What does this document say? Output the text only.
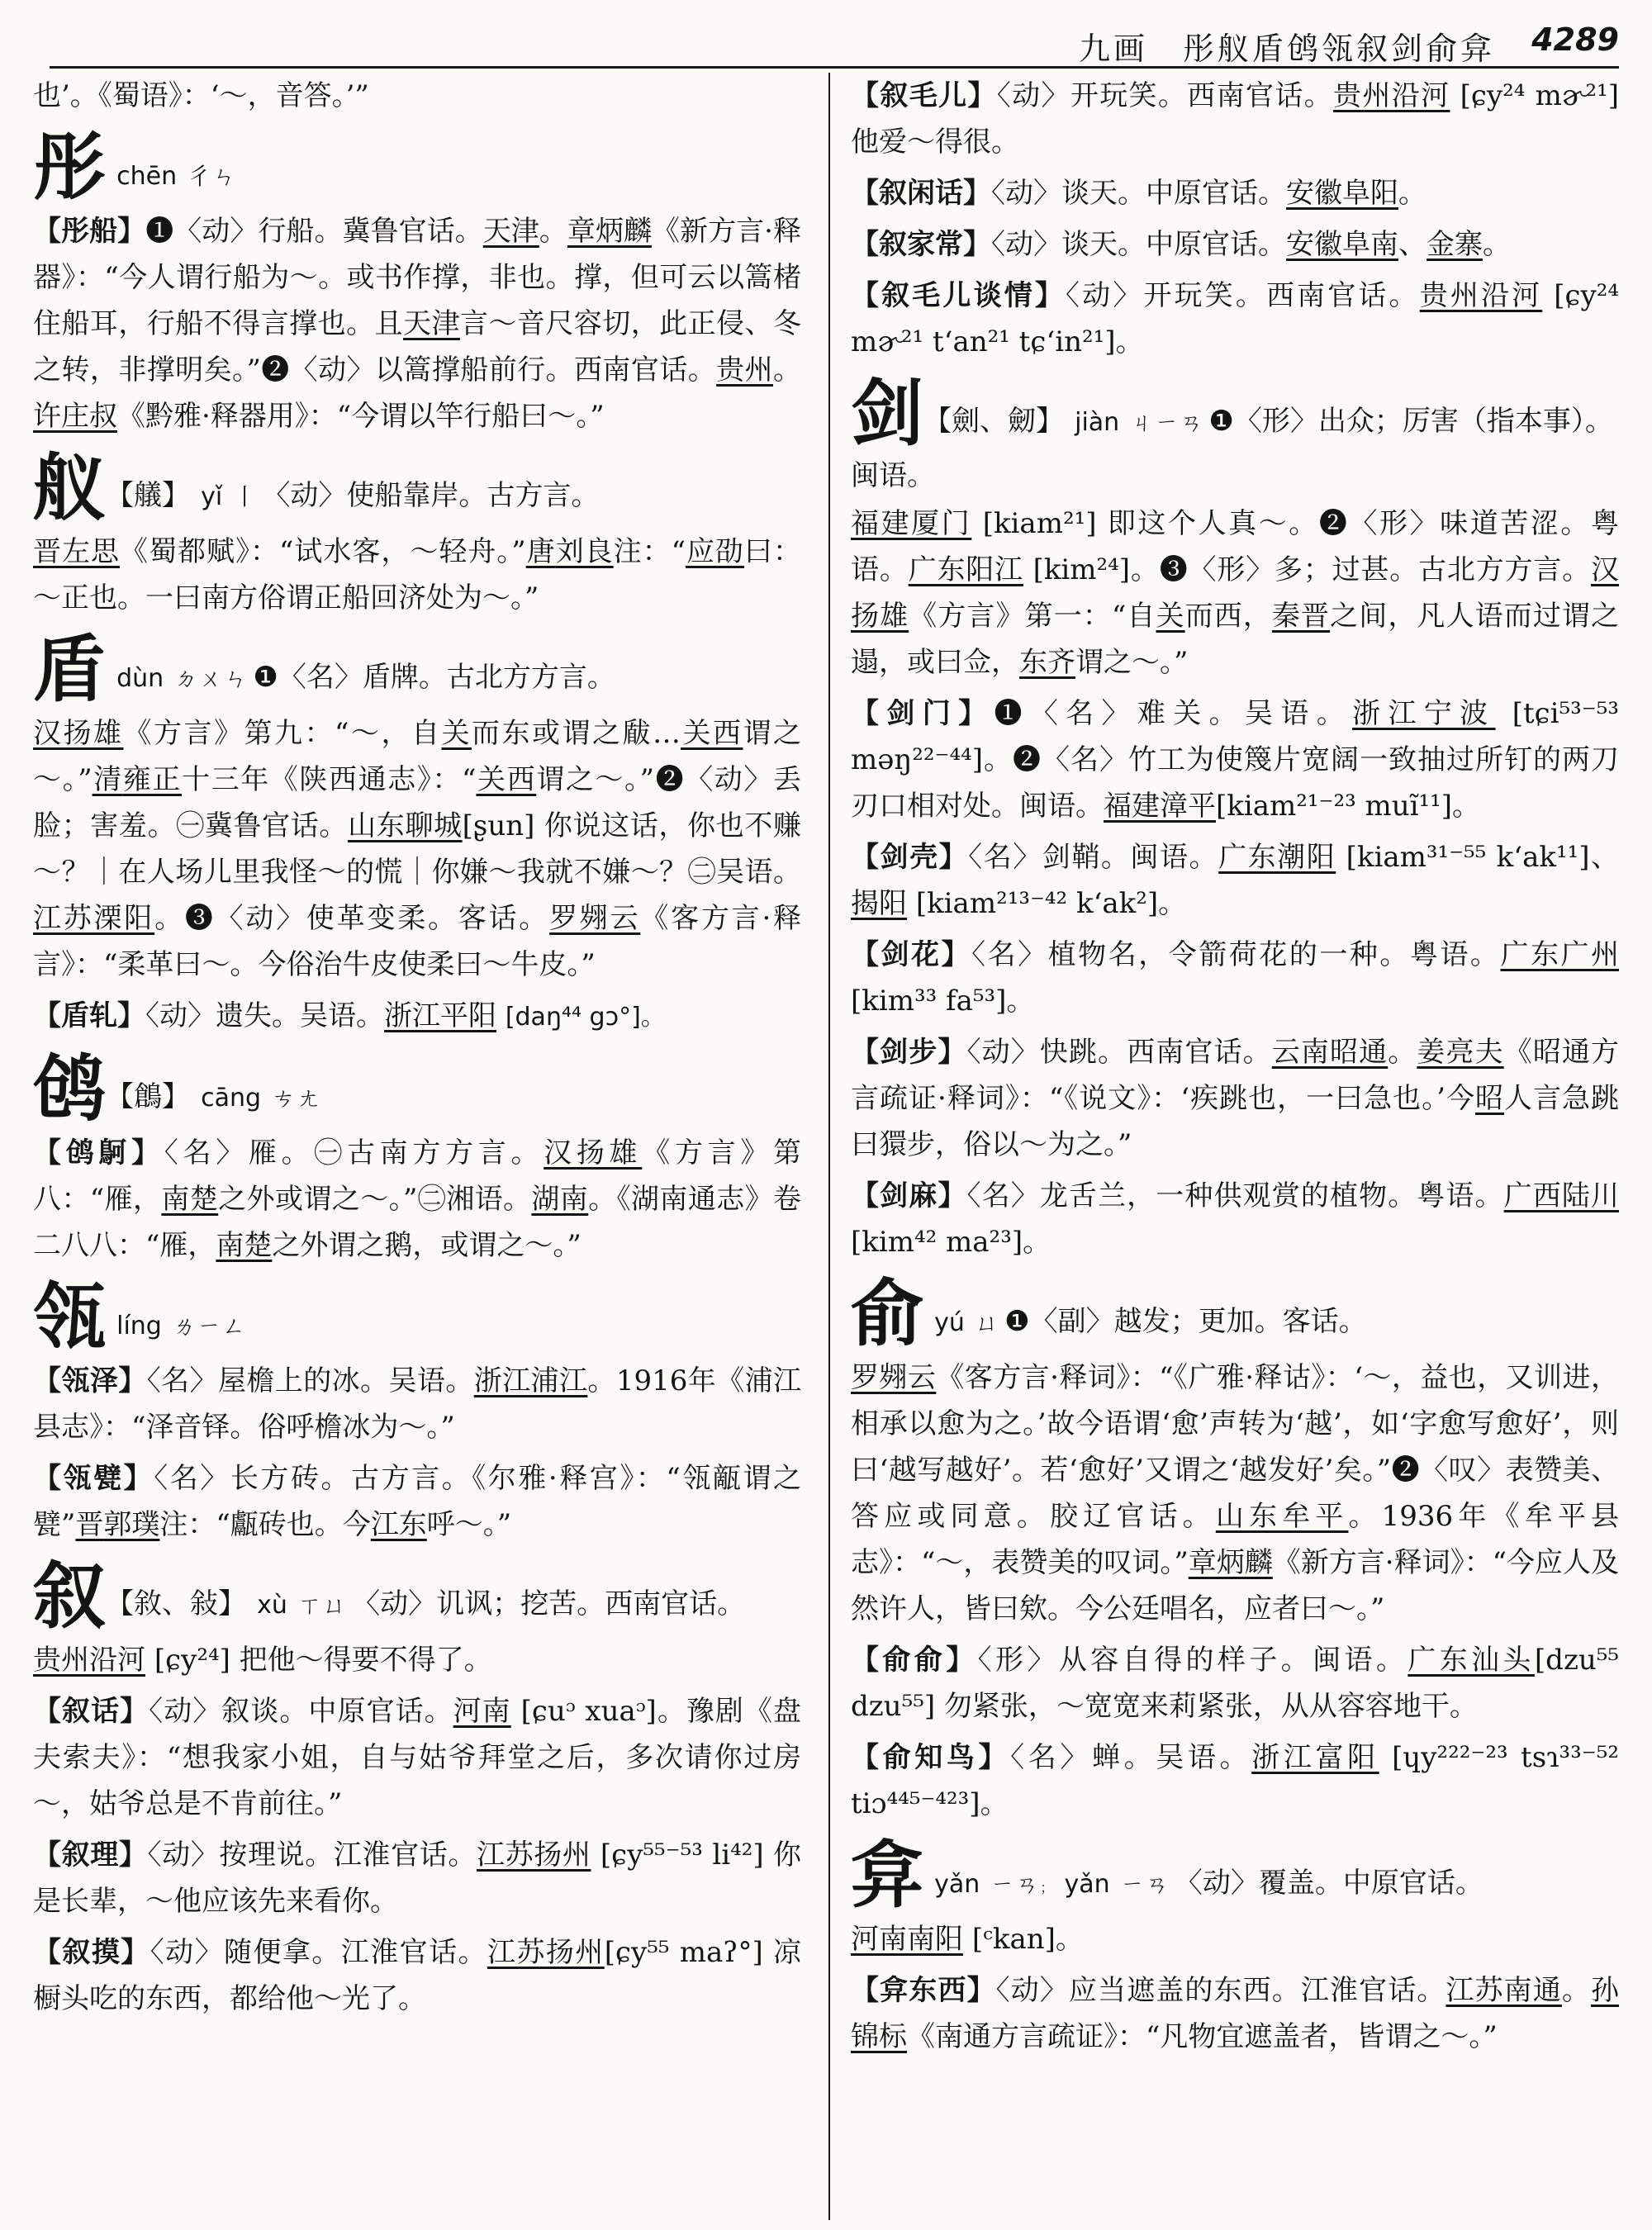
九画　彤舣盾鸧瓴叙剑俞弇 4289

也’。《蜀语》：‘～，音答。’”

彤 chēn 彳ㄣ

【彤船】❶〈动〉行船。冀鲁官话。天津。章炳麟《新方言·释器》：“今人谓行船为～。或书作撑，非也。撑，但可云以篙楮住船耳，行船不得言撑也。且天津言～音尺容切，此正侵、冬之转，非撑明矣。”❷〈动〉以篙撑船前行。西南官话。贵州。许庄叔《黔雅·释器用》：“今谓以竿行船曰～。”

舣【艤】 yǐ 丨 〈动〉使船靠岸。古方言。

晋左思《蜀都赋》：“试水客，～轻舟。”唐刘良注：“应劭曰：～正也。一曰南方俗谓正船回济处为～。”

盾 dùn ㄉㄨㄣ ❶〈名〉盾牌。古北方方言。

汉扬雄《方言》第九：“～，自关而东或谓之瞂…关西谓之～。”清雍正十三年《陕西通志》：“关西谓之～。”❷〈动〉丢脸；害羞。㊀冀鲁官话。山东聊城[ʂun] 你说这话，你也不赚～？｜在人场儿里我怪～的慌｜你嫌～我就不嫌～？㊁吴语。江苏溧阳。❸〈动〉使革变柔。客话。罗翙云《客方言·释言》：“柔革曰～。今俗治牛皮使柔曰～牛皮。”

【盾轧】〈动〉遗失。吴语。浙江平阳 [daŋ⁴⁴ gɔ°]。

鸧【鶬】 cāng ㄘㄤ

【鸧鴚】〈名〉雁。㊀古南方方言。汉扬雄《方言》第八：“雁，南楚之外或谓之～。”㊁湘语。湖南。《湖南通志》卷二八八：“雁，南楚之外谓之鹅，或谓之～。”

瓴 líng ㄌㄧㄥ

【瓴泽】〈名〉屋檐上的冰。吴语。浙江浦江。1916年《浦江县志》：“泽音铎。俗呼檐冰为～。”

【瓴甓】〈名〉长方砖。古方言。《尔雅·释宫》：“瓴甋谓之甓”晋郭璞注：“甗砖也。今江东呼～。”

叙【敘、敍】 xù ㄒㄩ 〈动〉讥讽；挖苦。西南官话。

贵州沿河 [ɕy²⁴] 把他～得要不得了。

【叙话】〈动〉叙谈。中原官话。河南 [ɕuᵓ xuaᵓ]。豫剧《盘夫索夫》：“想我家小姐，自与姑爷拜堂之后，多次请你过房～，姑爷总是不肯前往。”

【叙理】〈动〉按理说。江淮官话。江苏扬州 [ɕy⁵⁵⁻⁵³ li⁴²] 你是长辈，～他应该先来看你。

【叙摸】〈动〉随便拿。江淮官话。江苏扬州[ɕy⁵⁵ maʔ°] 凉橱头吃的东西，都给他～光了。

【叙毛儿】〈动〉开玩笑。西南官话。贵州沿河 [ɕy²⁴ mɚ²¹] 他爱～得很。

【叙闲话】〈动〉谈天。中原官话。安徽阜阳。

【叙家常】〈动〉谈天。中原官话。安徽阜南、金寨。

【叙毛儿谈情】〈动〉开玩笑。西南官话。贵州沿河 [ɕy²⁴ mɚ²¹ tʻan²¹ tɕʻin²¹]。

剑【劍、劒】 jiàn ㄐㄧㄢ ❶〈形〉出众；厉害（指本事）。闽语。

福建厦门 [kiam²¹] 即这个人真～。❷〈形〉味道苦涩。粤语。广东阳江 [kim²⁴]。❸〈形〉多；过甚。古北方方言。汉扬雄《方言》第一：“自关而西，秦晋之间，凡人语而过谓之遢，或曰佥，东齐谓之～。”

【剑门】❶〈名〉难关。吴语。浙江宁波 [tɕi⁵³⁻⁵³ məŋ²²⁻⁴⁴]。❷〈名〉竹工为使篾片宽阔一致抽过所钉的两刀刃口相对处。闽语。福建漳平[kiam²¹⁻²³ muĩ¹¹]。

【剑壳】〈名〉剑鞘。闽语。广东潮阳 [kiam³¹⁻⁵⁵ kʻak¹¹]、揭阳 [kiam²¹³⁻⁴² kʻak²]。

【剑花】〈名〉植物名，令箭荷花的一种。粤语。广东广州 [kim³³ fa⁵³]。

【剑步】〈动〉快跳。西南官话。云南昭通。姜亮夫《昭通方言疏证·释词》：“《说文》：‘疾跳也，一曰急也。’今昭人言急跳曰獧步，俗以～为之。”

【剑麻】〈名〉龙舌兰，一种供观赏的植物。粤语。广西陆川 [kim⁴² ma²³]。

俞 yú ㄩ ❶〈副〉越发；更加。客话。

罗翙云《客方言·释词》：“《广雅·释诂》：‘～，益也，又训进，相承以愈为之。’故今语谓‘愈’声转为‘越’，如‘字愈写愈好’，则曰‘越写越好’。若‘愈好’又谓之‘越发好’矣。”❷〈叹〉表赞美、答应或同意。胶辽官话。山东牟平。1936年《牟平县志》：“～，表赞美的叹词。”章炳麟《新方言·释词》：“今应人及然许人，皆曰欸。今公廷唱名，应者曰～。”

【俞俞】〈形〉从容自得的样子。闽语。广东汕头[dzu⁵⁵ dzu⁵⁵] 勿紧张，～宽宽来莉紧张，从从容容地干。

【俞知鸟】〈名〉蝉。吴语。浙江富阳 [ɥy²²²⁻²³ tsɿ³³⁻⁵² tiɔ⁴⁴⁵⁻⁴²³]。

弇 yǎn ㄧㄢ； yǎn ㄧㄢ 〈动〉覆盖。中原官话。

河南南阳 [ᶜkan]。

【弇东西】〈动〉应当遮盖的东西。江淮官话。江苏南通。孙锦标《南通方言疏证》：“凡物宜遮盖者，皆谓之～。”
